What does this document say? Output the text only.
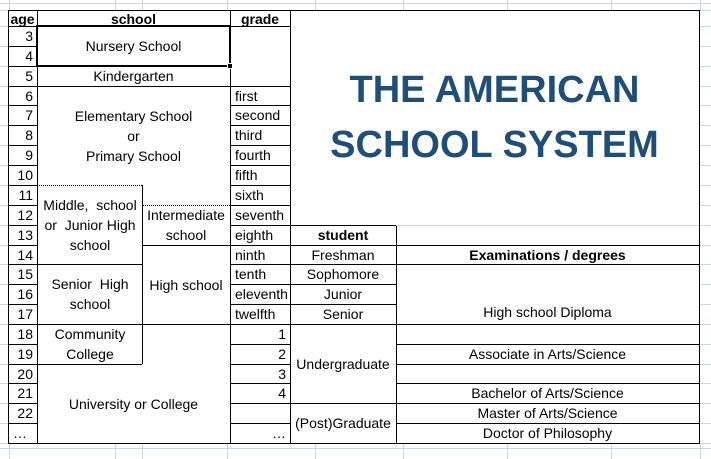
age	school	grade
student
Examinations / degrees
3
4
5
6
7
8
9
10
11
12
13
14
15
16
17
18
19
20
21
22
…
Nursery School
Kindergarten
Elementary School
or
Primary School
Middle,  school
or  Junior High
school
Intermediate
school
High school
Senior  High
school
Community
College
University or College
first
second
third
fourth
fifth
sixth
seventh
eighth
ninth
tenth
eleventh
twelfth
1
2
3
4
…
Freshman
Sophomore
Junior
Senior
Undergraduate
(Post)Graduate
High school Diploma
Associate in Arts/Science
Bachelor of Arts/Science
Master of Arts/Science
Doctor of Philosophy
THE AMERICAN
SCHOOL SYSTEM
